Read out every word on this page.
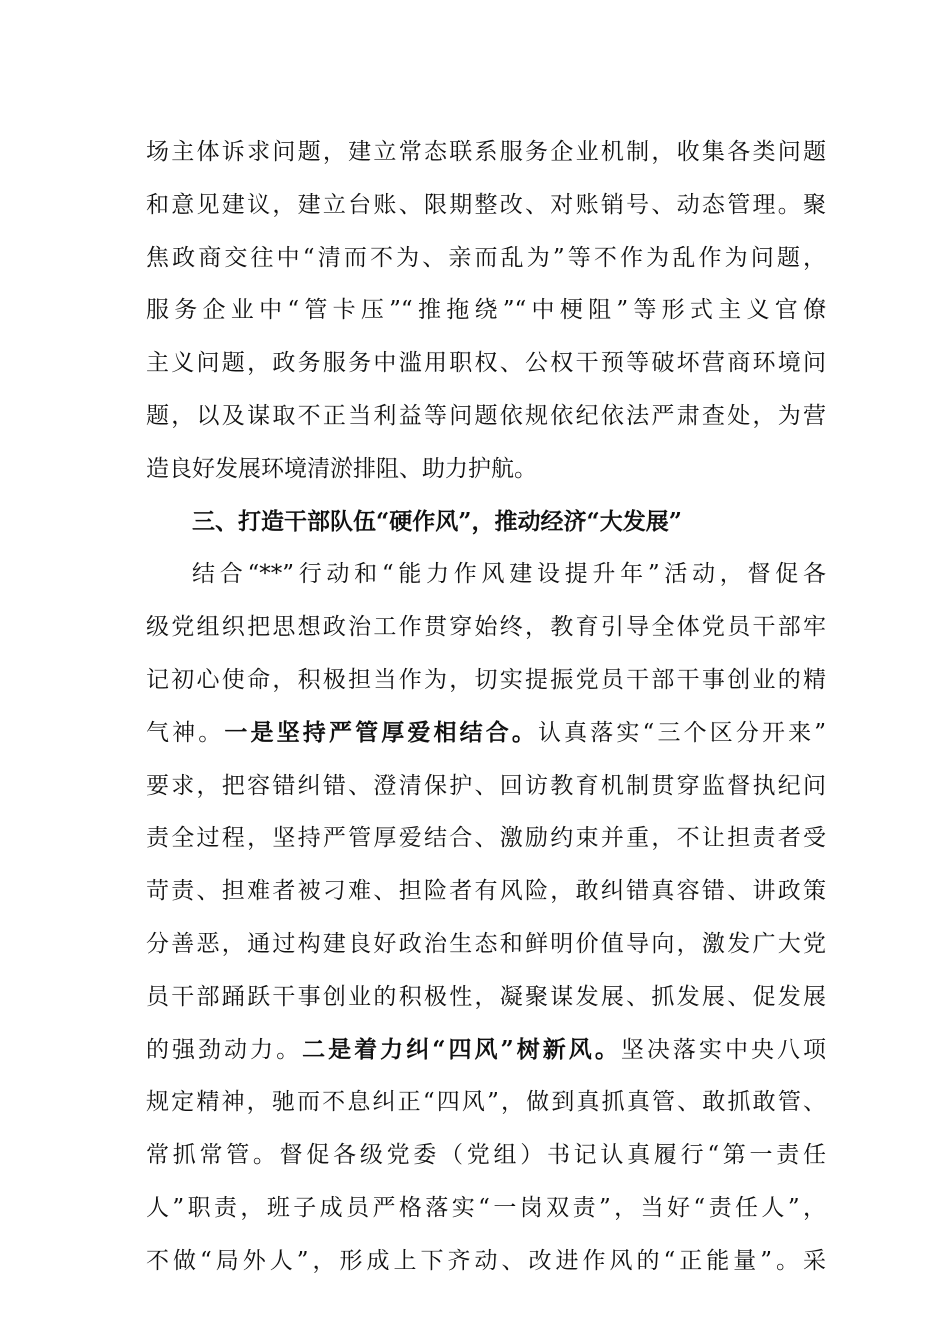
场主体诉求问题，建立常态联系服务企业机制，收集各类问题
和意见建议，建立台账、限期整改、对账销号、动态管理。聚
焦政商交往中“清而不为、亲而乱为”等不作为乱作为问题，
服务企业中“管卡压”“推拖绕”“中梗阻”等形式主义官僚
主义问题，政务服务中滥用职权、公权干预等破坏营商环境问
题，以及谋取不正当利益等问题依规依纪依法严肃查处，为营
造良好发展环境清淤排阻、助力护航。
三、打造干部队伍“硬作风”，推动经济“大发展”
结合“**”行动和“能力作风建设提升年”活动，督促各
级党组织把思想政治工作贯穿始终，教育引导全体党员干部牢
记初心使命，积极担当作为，切实提振党员干部干事创业的精
气神。一是坚持严管厚爱相结合。认真落实“三个区分开来”
要求，把容错纠错、澄清保护、回访教育机制贯穿监督执纪问
责全过程，坚持严管厚爱结合、激励约束并重，不让担责者受
苛责、担难者被刁难、担险者有风险，敢纠错真容错、讲政策
分善恶，通过构建良好政治生态和鲜明价值导向，激发广大党
员干部踊跃干事创业的积极性，凝聚谋发展、抓发展、促发展
的强劲动力。二是着力纠“四风”树新风。坚决落实中央八项
规定精神，驰而不息纠正“四风”，做到真抓真管、敢抓敢管、
常抓常管。督促各级党委（党组）书记认真履行“第一责任
人”职责，班子成员严格落实“一岗双责”，当好“责任人”，
不做“局外人”，形成上下齐动、改进作风的“正能量”。采
